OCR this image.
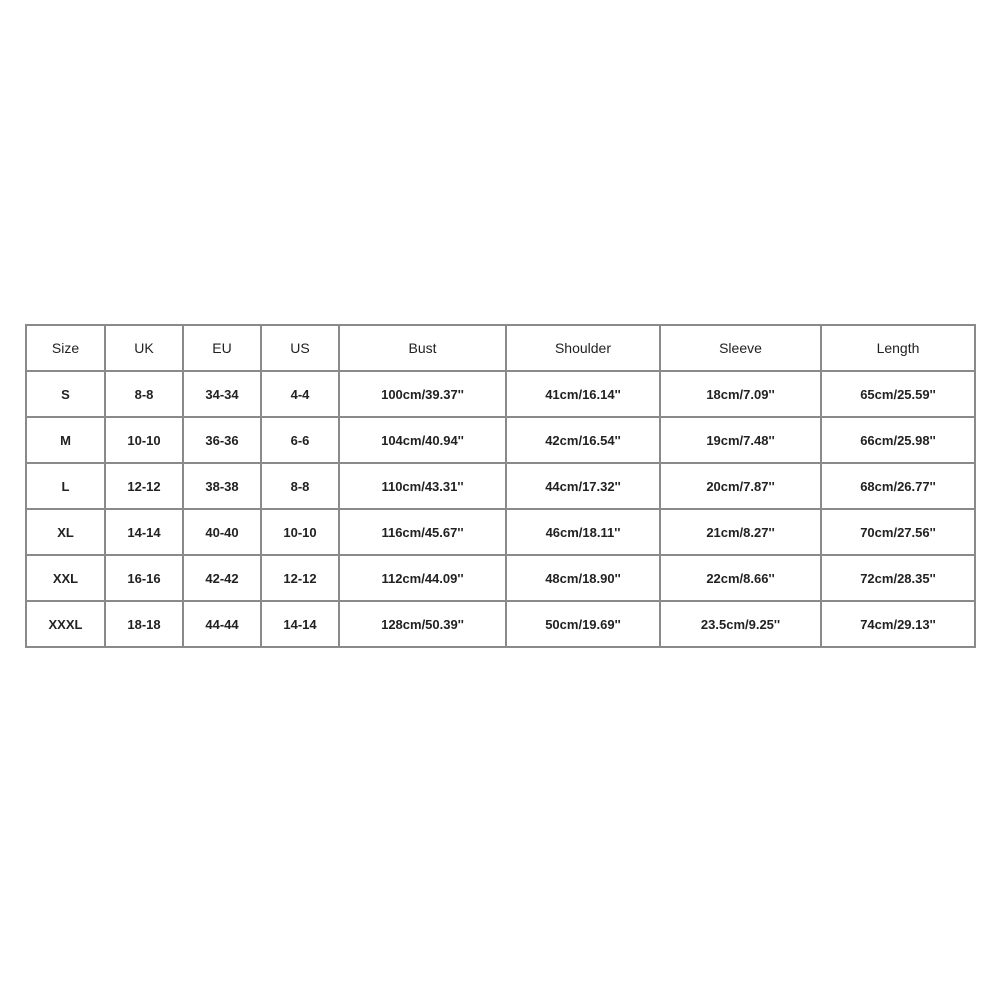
Size	UK	EU	US	Bust	Shoulder	Sleeve	Length
S	8-8	34-34	4-4	100cm/39.37''	41cm/16.14''	18cm/7.09''	65cm/25.59''
M	10-10	36-36	6-6	104cm/40.94''	42cm/16.54''	19cm/7.48''	66cm/25.98''
L	12-12	38-38	8-8	110cm/43.31''	44cm/17.32''	20cm/7.87''	68cm/26.77''
XL	14-14	40-40	10-10	116cm/45.67''	46cm/18.11''	21cm/8.27''	70cm/27.56''
XXL	16-16	42-42	12-12	112cm/44.09''	48cm/18.90''	22cm/8.66''	72cm/28.35''
XXXL	18-18	44-44	14-14	128cm/50.39''	50cm/19.69''	23.5cm/9.25''	74cm/29.13''
